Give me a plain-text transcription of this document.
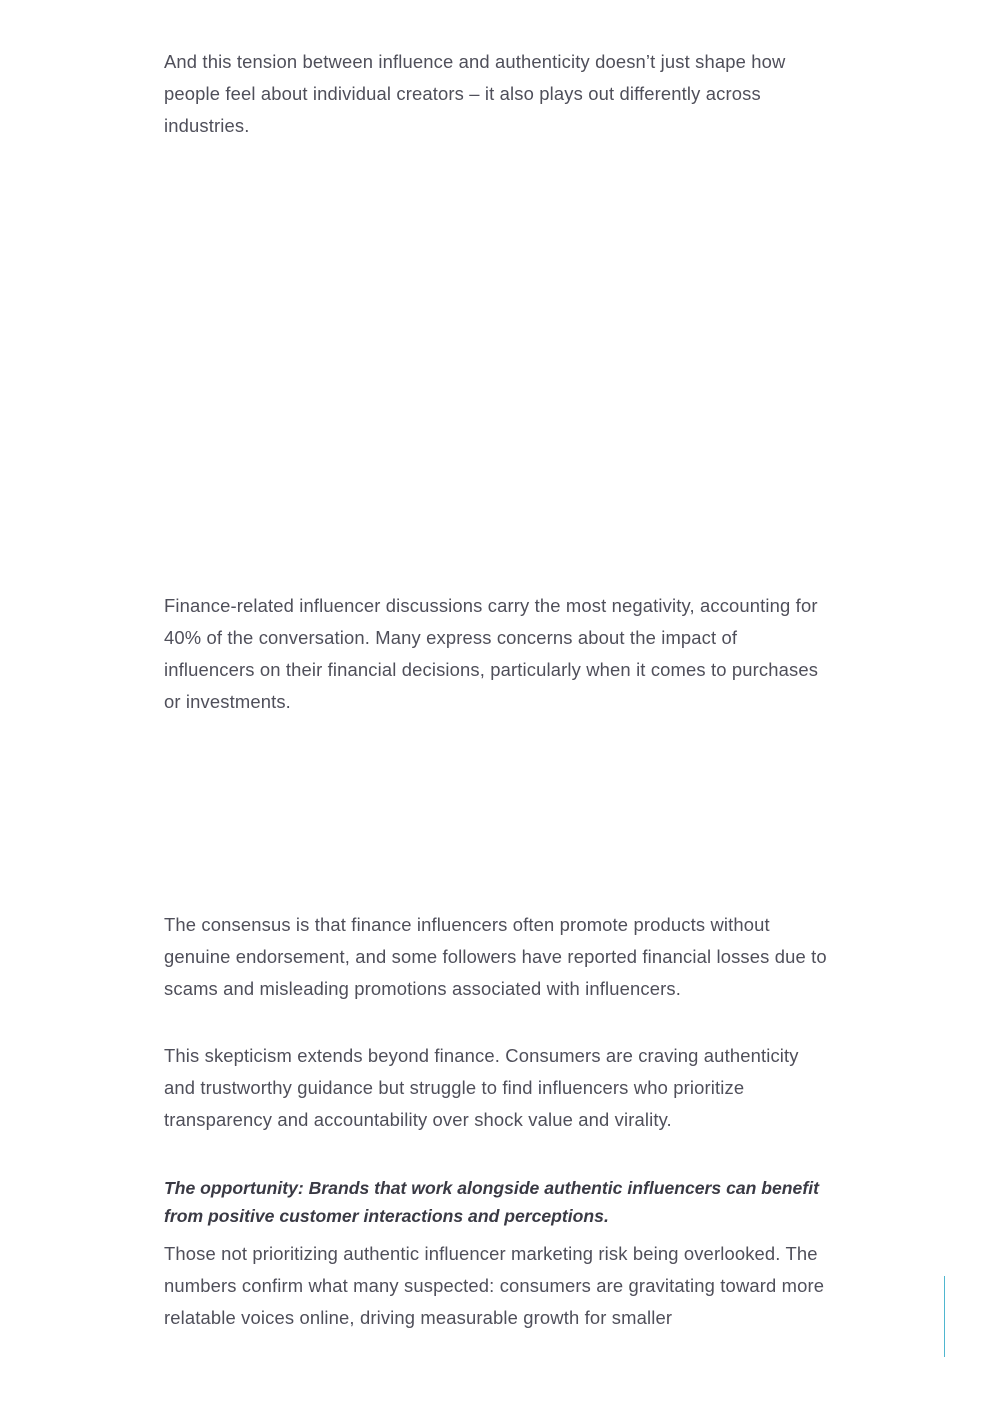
And this tension between influence and authenticity doesn’t just shape how people feel about individual creators – it also plays out differently across industries.

Finance-related influencer discussions carry the most negativity, accounting for 40% of the conversation. Many express concerns about the impact of influencers on their financial decisions, particularly when it comes to purchases or investments.

The consensus is that finance influencers often promote products without genuine endorsement, and some followers have reported financial losses due to scams and misleading promotions associated with influencers.

This skepticism extends beyond finance. Consumers are craving authenticity and trustworthy guidance but struggle to find influencers who prioritize transparency and accountability over shock value and virality.

The opportunity: Brands that work alongside authentic influencers can benefit from positive customer interactions and perceptions.

Those not prioritizing authentic influencer marketing risk being overlooked. The numbers confirm what many suspected: consumers are gravitating toward more relatable voices online, driving measurable growth for smaller
